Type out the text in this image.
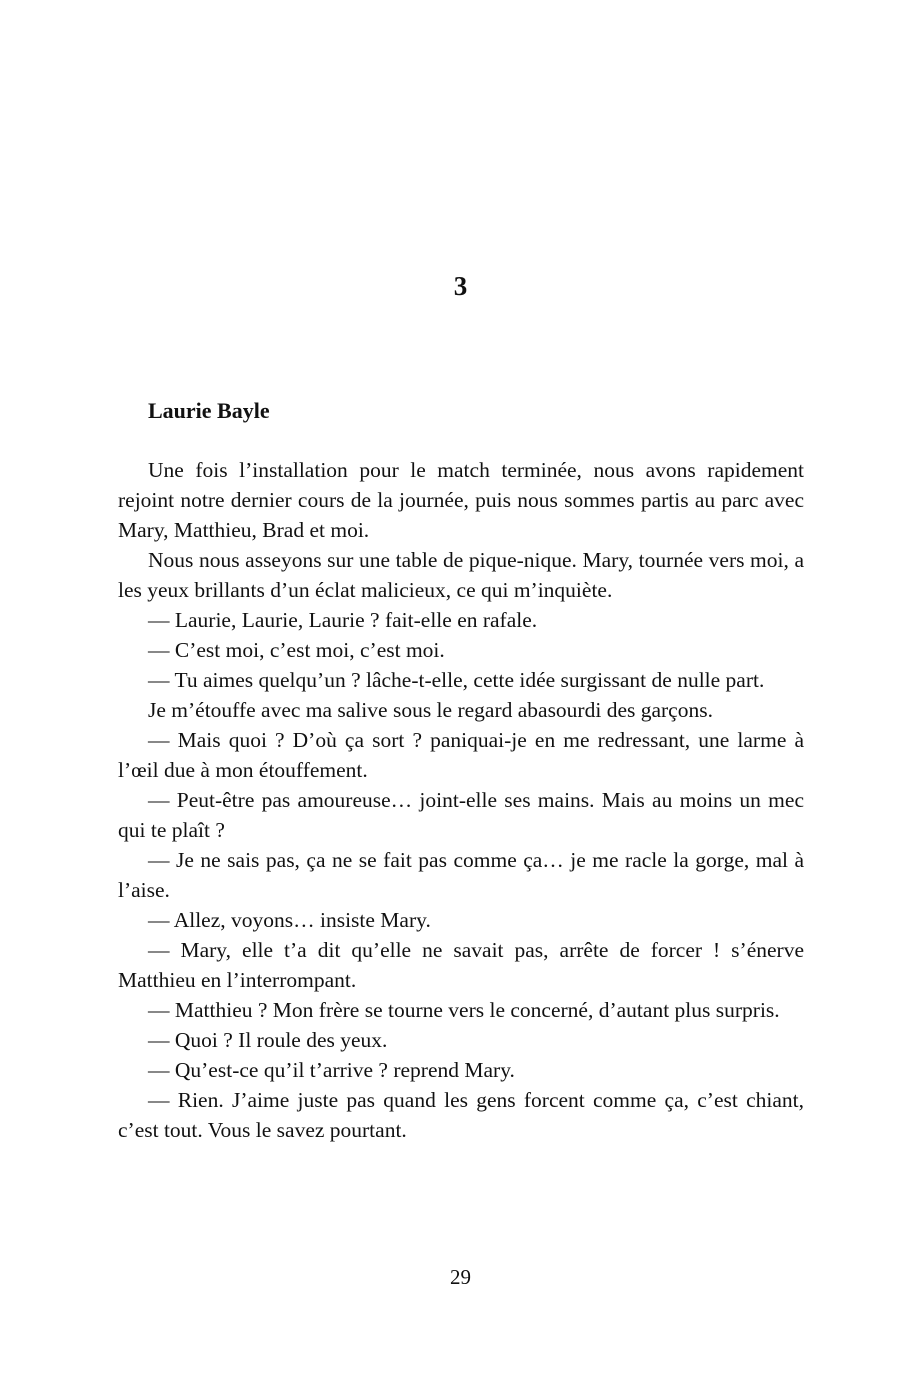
3
Laurie Bayle

Une fois l’installation pour le match terminée, nous avons rapidement rejoint notre dernier cours de la journée, puis nous sommes partis au parc avec Mary, Matthieu, Brad et moi.

Nous nous asseyons sur une table de pique-nique. Mary, tournée vers moi, a les yeux brillants d’un éclat malicieux, ce qui m’inquiète.

— Laurie, Laurie, Laurie ? fait-elle en rafale.

— C’est moi, c’est moi, c’est moi.

— Tu aimes quelqu’un ? lâche-t-elle, cette idée surgissant de nulle part.

Je m’étouffe avec ma salive sous le regard abasourdi des garçons.

— Mais quoi ? D’où ça sort ? paniquai-je en me redressant, une larme à l’œil due à mon étouffement.

— Peut-être pas amoureuse… joint-elle ses mains. Mais au moins un mec qui te plaît ?

— Je ne sais pas, ça ne se fait pas comme ça… je me racle la gorge, mal à l’aise.

— Allez, voyons… insiste Mary.

— Mary, elle t’a dit qu’elle ne savait pas, arrête de forcer ! s’énerve Matthieu en l’interrompant.

— Matthieu ? Mon frère se tourne vers le concerné, d’autant plus surpris.

— Quoi ? Il roule des yeux.

— Qu’est-ce qu’il t’arrive ? reprend Mary.

— Rien. J’aime juste pas quand les gens forcent comme ça, c’est chiant, c’est tout. Vous le savez pourtant.

29
